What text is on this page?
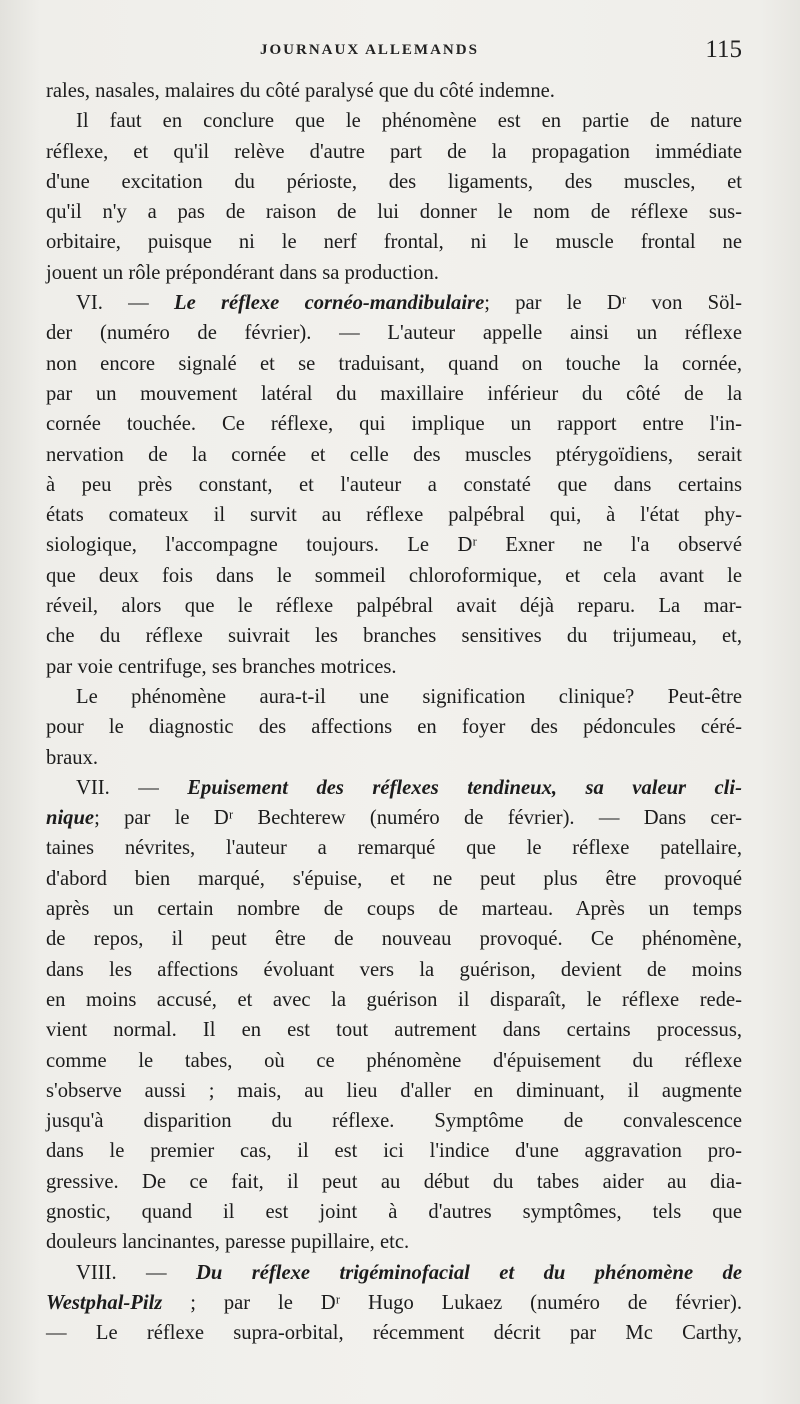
JOURNAUX ALLEMANDS	115
rales, nasales, malaires du côté paralysé que du côté indemne.
Il faut en conclure que le phénomène est en partie de nature
réflexe, et qu'il relève d'autre part de la propagation immédiate
d'une excitation du périoste, des ligaments, des muscles, et
qu'il n'y a pas de raison de lui donner le nom de réflexe sus-
orbitaire, puisque ni le nerf frontal, ni le muscle frontal ne
jouent un rôle prépondérant dans sa production.
VI. — Le réflexe cornéo-mandibulaire; par le Dʳ von Söl-
der (numéro de février). — L'auteur appelle ainsi un réflexe
non encore signalé et se traduisant, quand on touche la cornée,
par un mouvement latéral du maxillaire inférieur du côté de la
cornée touchée. Ce réflexe, qui implique un rapport entre l'in-
nervation de la cornée et celle des muscles ptérygoïdiens, serait
à peu près constant, et l'auteur a constaté que dans certains
états comateux il survit au réflexe palpébral qui, à l'état phy-
siologique, l'accompagne toujours. Le Dʳ Exner ne l'a observé
que deux fois dans le sommeil chloroformique, et cela avant le
réveil, alors que le réflexe palpébral avait déjà reparu. La mar-
che du réflexe suivrait les branches sensitives du trijumeau, et,
par voie centrifuge, ses branches motrices.
Le phénomène aura-t-il une signification clinique? Peut-être
pour le diagnostic des affections en foyer des pédoncules céré-
braux.
VII. — Epuisement des réflexes tendineux, sa valeur cli-
nique; par le Dʳ Bechterew (numéro de février). — Dans cer-
taines névrites, l'auteur a remarqué que le réflexe patellaire,
d'abord bien marqué, s'épuise, et ne peut plus être provoqué
après un certain nombre de coups de marteau. Après un temps
de repos, il peut être de nouveau provoqué. Ce phénomène,
dans les affections évoluant vers la guérison, devient de moins
en moins accusé, et avec la guérison il disparaît, le réflexe rede-
vient normal. Il en est tout autrement dans certains processus,
comme le tabes, où ce phénomène d'épuisement du réflexe
s'observe aussi ; mais, au lieu d'aller en diminuant, il augmente
jusqu'à disparition du réflexe. Symptôme de convalescence
dans le premier cas, il est ici l'indice d'une aggravation pro-
gressive. De ce fait, il peut au début du tabes aider au dia-
gnostic, quand il est joint à d'autres symptômes, tels que
douleurs lancinantes, paresse pupillaire, etc.
VIII. — Du réflexe trigéminofacial et du phénomène de
Westphal-Pilz ; par le Dʳ Hugo Lukaez (numéro de février).
— Le réflexe supra-orbital, récemment décrit par Mc Carthy,
